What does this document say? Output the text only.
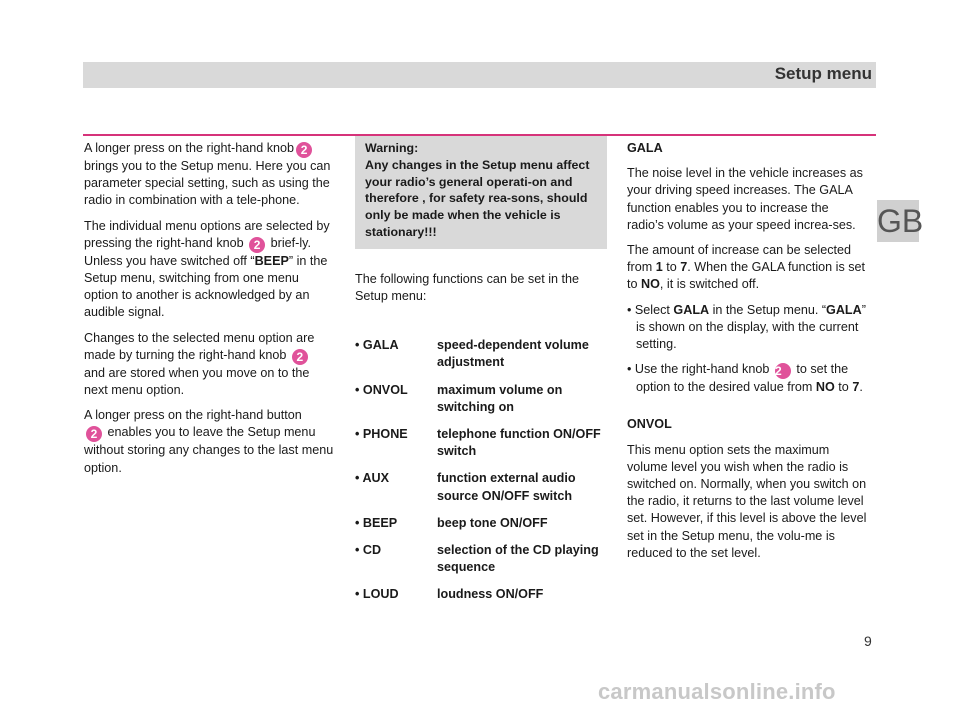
Setup menu
GB

A longer press on the right-hand knob 2 brings you to the Setup menu. Here you can parameter special setting, such as using the radio in combination with a tele-phone.

The individual menu options are selected by pressing the right-hand knob 2 brief-ly. Unless you have switched off “BEEP” in the Setup menu, switching from one menu option to another is acknowledged by an audible signal.

Changes to the selected menu option are made by turning the right-hand knob 2 and are stored when you move on to the next menu option.

A longer press on the right-hand button
2 enables you to leave the Setup menu without storing any changes to the last menu option.

Warning:
Any changes in the Setup menu affect your radio’s general operati-on and therefore , for safety rea-sons, should only be made when the vehicle is stationary!!!

The following functions can be set in the Setup menu:

• GALA	speed-dependent volume adjustment
• ONVOL	maximum volume on switching on
• PHONE	telephone function ON/OFF switch
• AUX	function external audio source ON/OFF switch
• BEEP	beep tone ON/OFF
• CD	selection of the CD playing sequence
• LOUD	loudness ON/OFF
GALA

The noise level in the vehicle increases as your driving speed increases. The GALA function enables you to increase the radio’s volume as your speed increa-ses.

The amount of increase can be selected from 1 to 7. When the GALA function is set to NO, it is switched off.

• Select GALA in the Setup menu. “GALA” is shown on the display, with the current setting.

• Use the right-hand knob 2 to set the option to the desired value from NO to 7.

ONVOL

This menu option sets the maximum volume level you wish when the radio is switched on. Normally, when you switch on the radio, it returns to the last volume level set. However, if this level is above the level set in the Setup menu, the volu-me is reduced to the set level.

9
carmanualsonline.info
